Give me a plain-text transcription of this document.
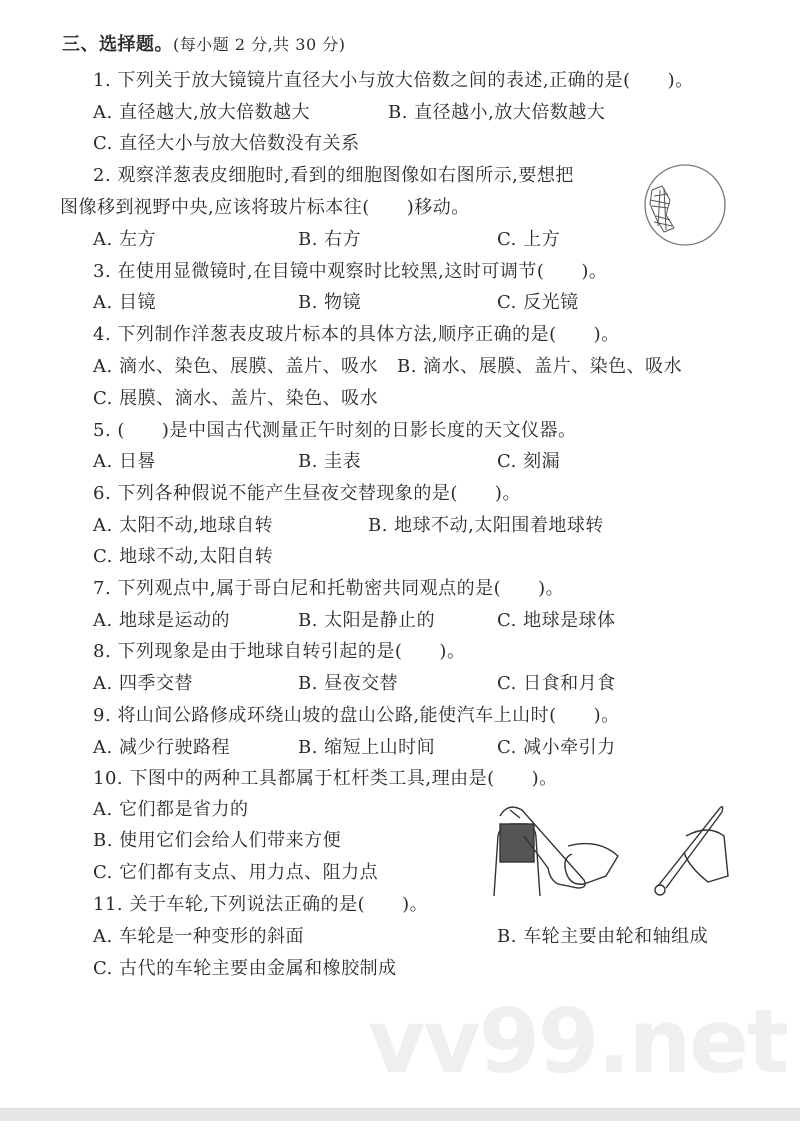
三、选择题。(每小题 2 分,共 30 分)
1. 下列关于放大镜镜片直径大小与放大倍数之间的表述,正确的是(　　)。
A. 直径越大,放大倍数越大	B. 直径越小,放大倍数越大
C. 直径大小与放大倍数没有关系
2. 观察洋葱表皮细胞时,看到的细胞图像如右图所示,要想把
图像移到视野中央,应该将玻片标本往(　　)移动。
A. 左方	B. 右方	C. 上方
3. 在使用显微镜时,在目镜中观察时比较黑,这时可调节(　　)。
A. 目镜	B. 物镜	C. 反光镜
4. 下列制作洋葱表皮玻片标本的具体方法,顺序正确的是(　　)。
A. 滴水、染色、展膜、盖片、吸水 B. 滴水、展膜、盖片、染色、吸水
C. 展膜、滴水、盖片、染色、吸水
5. (　　)是中国古代测量正午时刻的日影长度的天文仪器。
A. 日晷	B. 圭表	C. 刻漏
6. 下列各种假说不能产生昼夜交替现象的是(　　)。
A. 太阳不动,地球自转	B. 地球不动,太阳围着地球转
C. 地球不动,太阳自转
7. 下列观点中,属于哥白尼和托勒密共同观点的是(　　)。
A. 地球是运动的	B. 太阳是静止的	C. 地球是球体
8. 下列现象是由于地球自转引起的是(　　)。
A. 四季交替	B. 昼夜交替	C. 日食和月食
9. 将山间公路修成环绕山坡的盘山公路,能使汽车上山时(　　)。
A. 减少行驶路程	B. 缩短上山时间	C. 减小牵引力
10. 下图中的两种工具都属于杠杆类工具,理由是(　　)。
A. 它们都是省力的
B. 使用它们会给人们带来方便
C. 它们都有支点、用力点、阻力点
11. 关于车轮,下列说法正确的是(　　)。
A. 车轮是一种变形的斜面	B. 车轮主要由轮和轴组成
C. 古代的车轮主要由金属和橡胶制成
vv99.net
